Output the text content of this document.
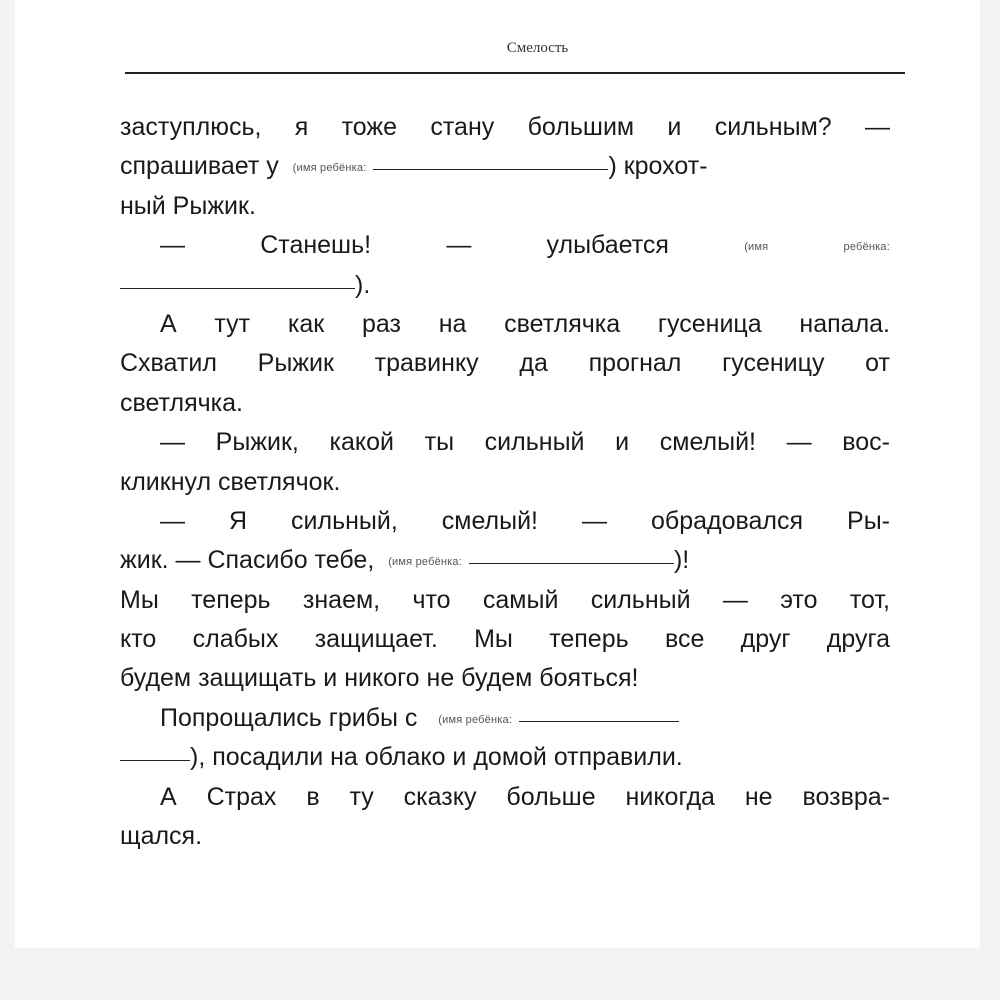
Смелость
заступлюсь, я тоже стану большим и сильным? —
спрашивает у (имя ребёнка:	) крохот-
ный Рыжик.
— Станешь!	—	улыбается	(имя	ребёнка:
).
А тут как раз на светлячка гусеница напала.
Схватил Рыжик травинку да прогнал гусеницу от
светлячка.
— Рыжик, какой ты сильный и смелый! — вос-
кликнул светлячок.
— Я сильный, смелый! — обрадовался Ры-
жик. — Спасибо тебе, (имя ребёнка:	)!
Мы теперь знаем, что самый сильный — это тот,
кто слабых защищает. Мы теперь все друг друга
будем защищать и никого не будем бояться!
Попрощались грибы с (имя ребёнка:
), посадили на облако и домой отправили.
А Страх в ту сказку больше никогда не возвра-
щался.
